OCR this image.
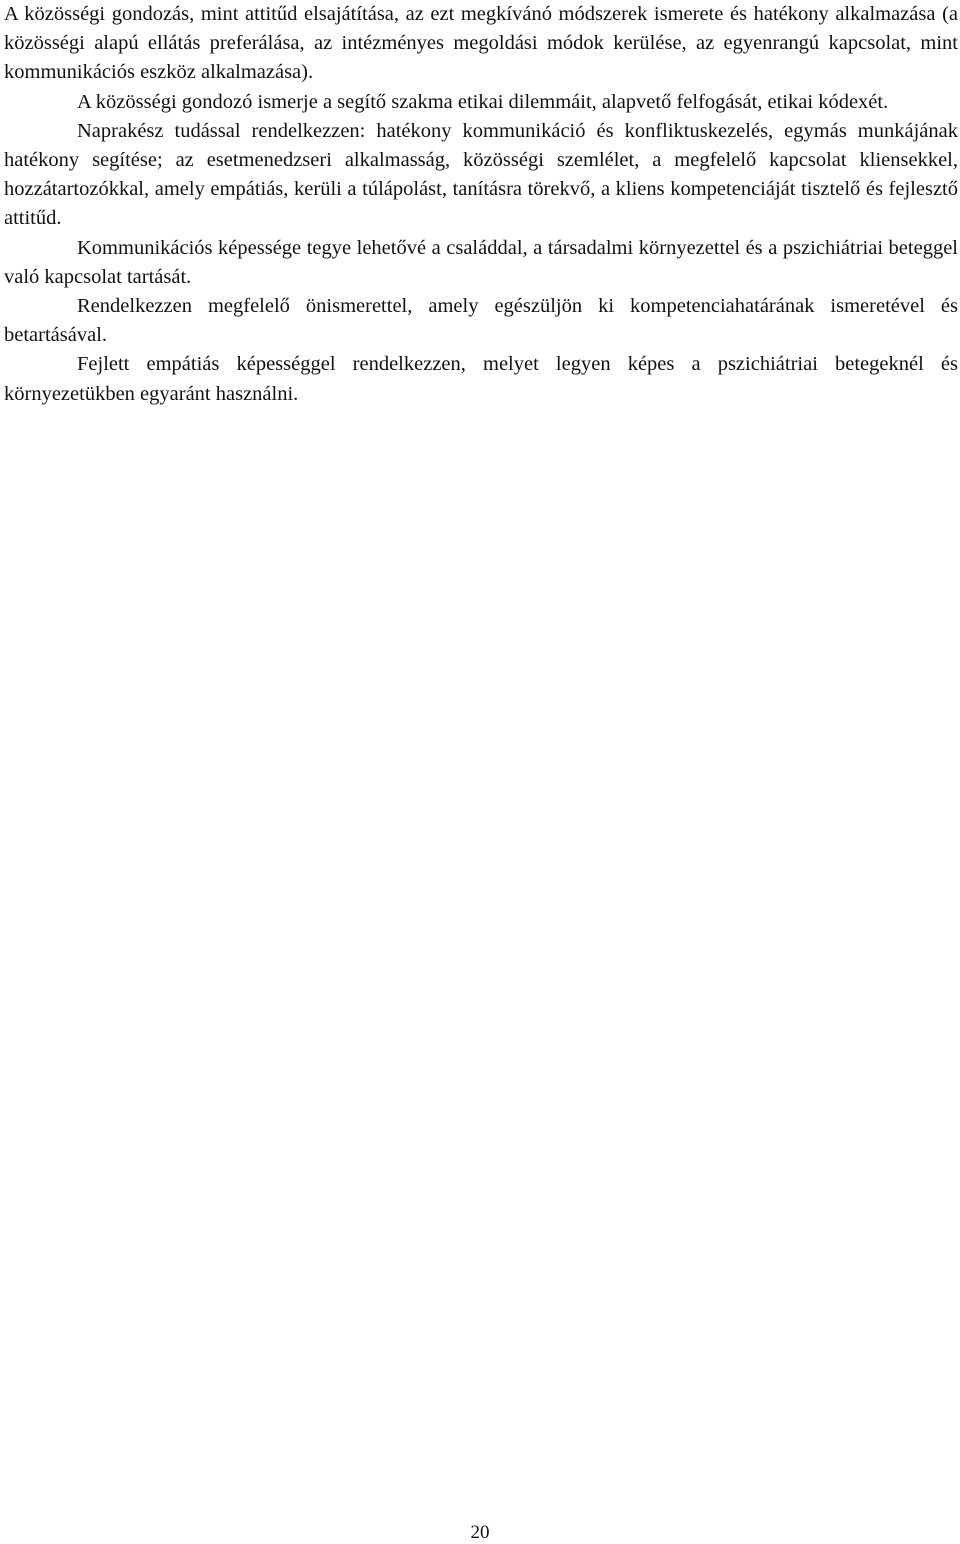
A közösségi gondozás, mint attitűd elsajátítása, az ezt megkívánó módszerek ismerete és hatékony alkalmazása (a közösségi alapú ellátás preferálása, az intézményes megoldási módok kerülése, az egyenrangú kapcsolat, mint kommunikációs eszköz alkalmazása).

A közösségi gondozó ismerje a segítő szakma etikai dilemmáit, alapvető felfogását, etikai kódexét.

Naprakész tudással rendelkezzen: hatékony kommunikáció és konfliktuskezelés, egymás munkájának hatékony segítése; az esetmenedzseri alkalmasság, közösségi szemlélet, a megfelelő kapcsolat kliensekkel, hozzátartozókkal, amely empátiás, kerüli a túlápolást, tanításra törekvő, a kliens kompetenciáját tisztelő és fejlesztő attitűd.

Kommunikációs képessége tegye lehetővé a családdal, a társadalmi környezettel és a pszichiátriai beteggel való kapcsolat tartását.

Rendelkezzen megfelelő önismerettel, amely egészüljön ki kompetenciahatárának ismeretével és betartásával.

Fejlett empátiás képességgel rendelkezzen, melyet legyen képes a pszichiátriai betegeknél és környezetükben egyaránt használni.

20
